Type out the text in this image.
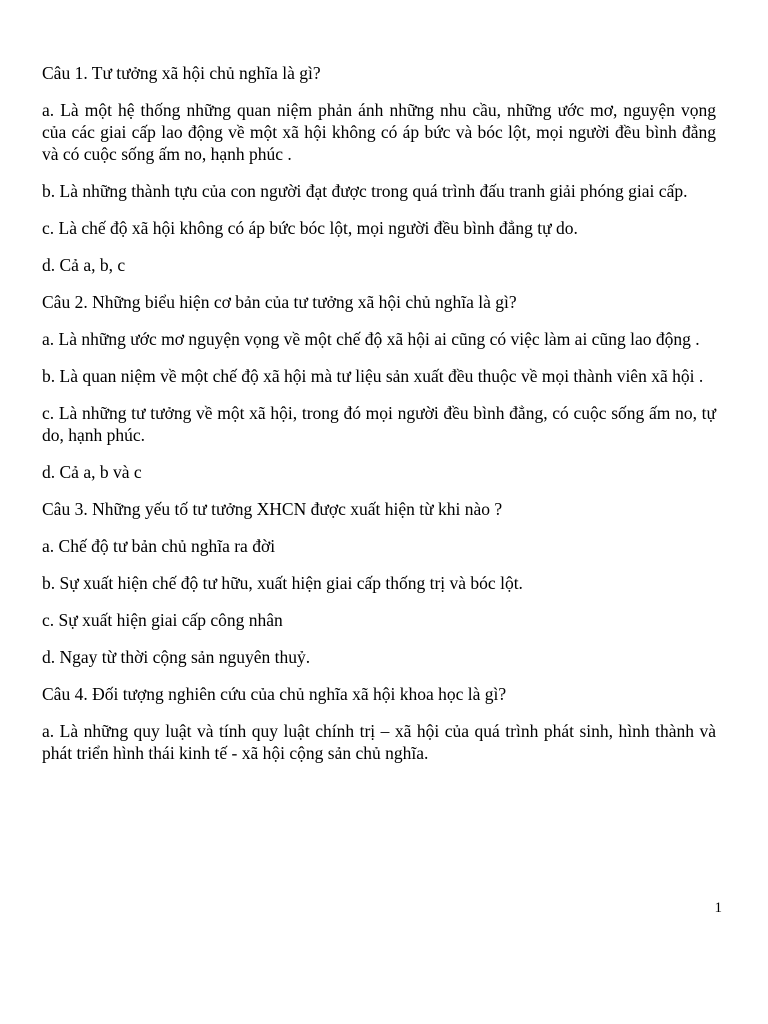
Câu 1. Tư tưởng xã hội chủ nghĩa là gì?

a. Là một hệ thống những quan niệm phản ánh những nhu cầu, những ước mơ, nguyện vọng của các giai cấp lao động về một xã hội không có áp bức và bóc lột, mọi người đều bình đẳng và có cuộc sống ấm no, hạnh phúc .

b. Là những thành tựu của con người đạt được trong quá trình đấu tranh giải phóng giai cấp.

c. Là chế độ xã hội không có áp bức bóc lột, mọi người đều bình đẳng tự do.

d. Cả a, b, c

Câu 2. Những biểu hiện cơ bản của tư tưởng xã hội chủ nghĩa là gì?

a. Là những ước mơ nguyện vọng về một chế độ xã hội ai cũng có việc làm ai cũng lao động .

b. Là quan niệm về một chế độ xã hội mà tư liệu sản xuất đều thuộc về mọi thành viên xã hội .

c. Là những tư tưởng về một xã hội, trong đó mọi người đều bình đẳng, có cuộc sống ấm no, tự do, hạnh phúc.

d. Cả a, b và c

Câu 3. Những yếu tố tư tưởng XHCN được xuất hiện từ khi nào ?

a. Chế độ tư bản chủ nghĩa ra đời

b. Sự xuất hiện chế độ tư hữu, xuất hiện giai cấp thống trị và bóc lột.

c. Sự xuất hiện giai cấp công nhân

d. Ngay từ thời cộng sản nguyên thuỷ.

Câu 4. Đối tượng nghiên cứu của chủ nghĩa xã hội khoa học là gì?

a. Là những quy luật và tính quy luật chính trị – xã hội của quá trình phát sinh, hình thành và phát triển hình thái kinh tế - xã hội cộng sản chủ nghĩa.

1
